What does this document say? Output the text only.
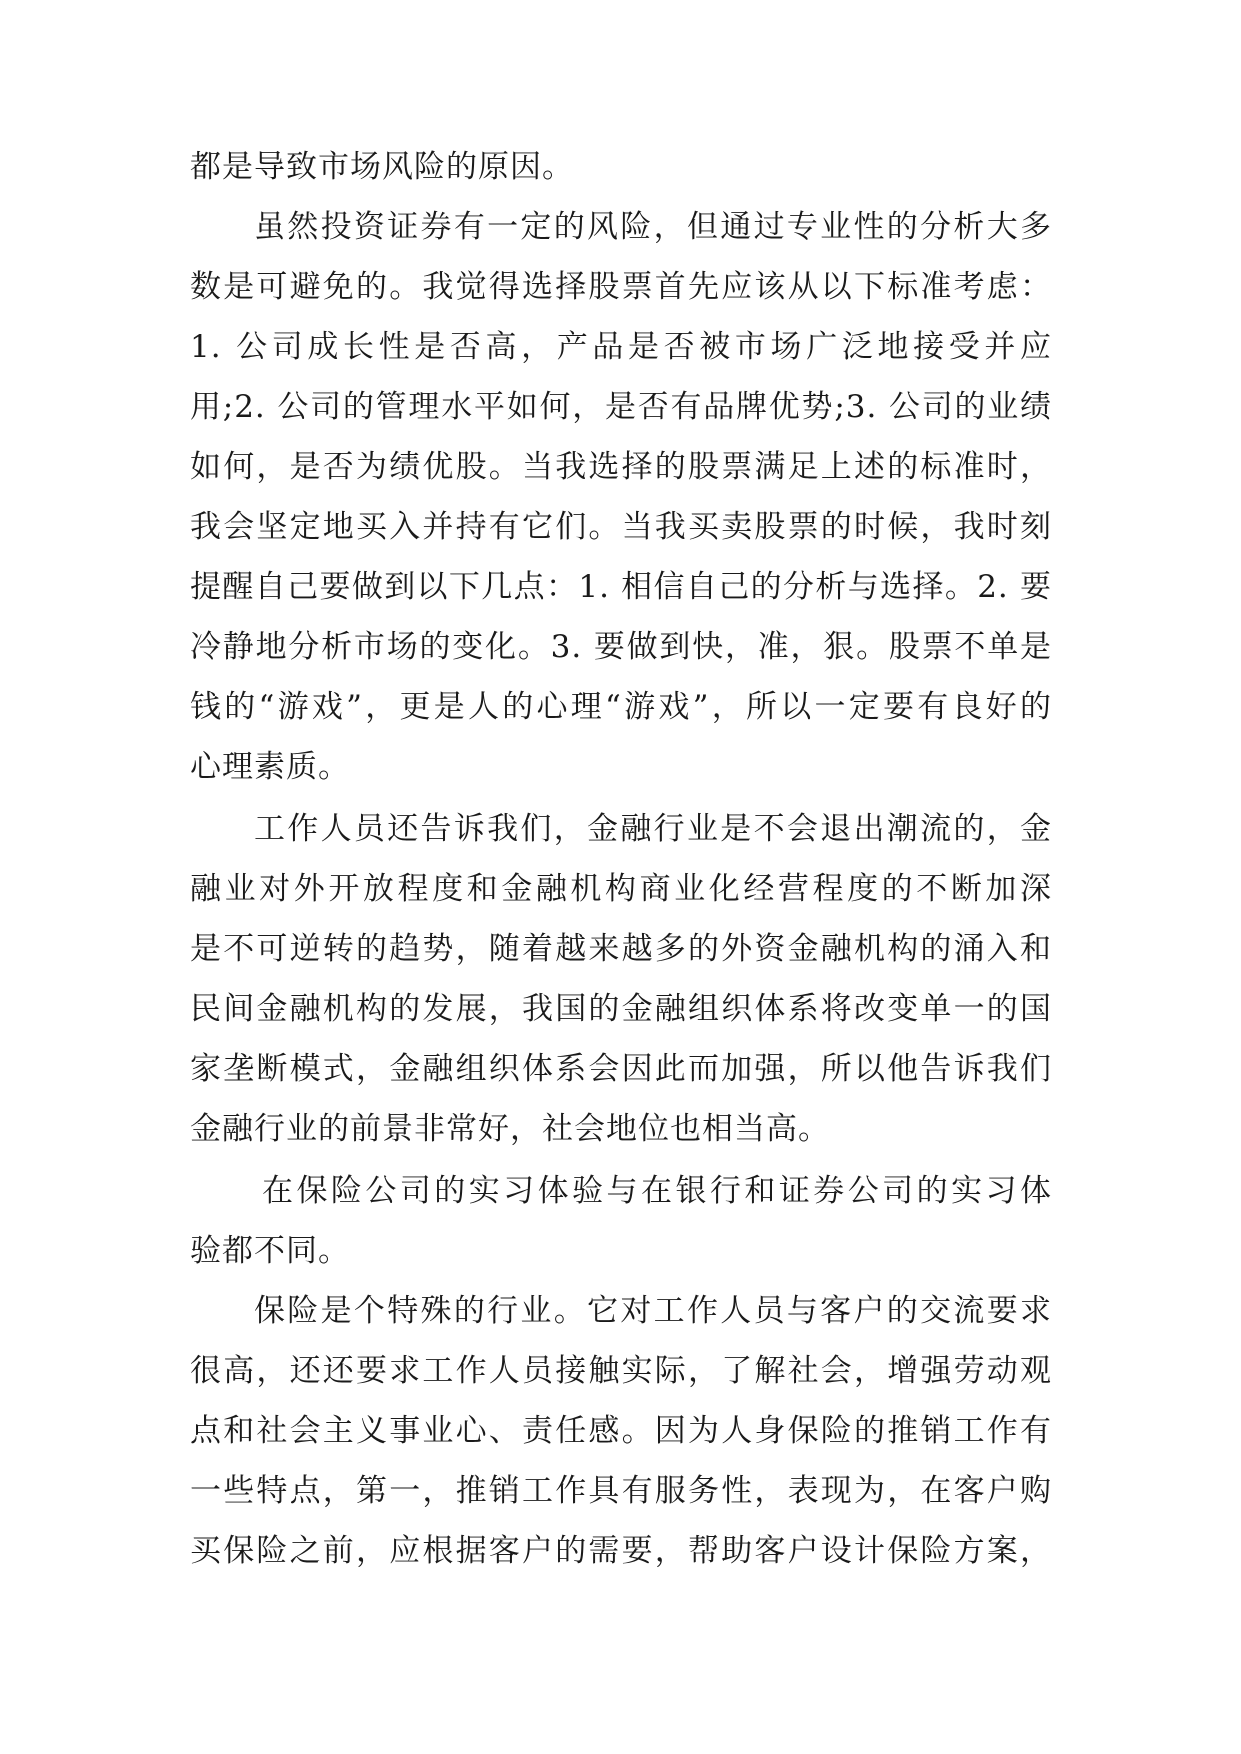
都是导致市场风险的原因。

虽然投资证券有一定的风险，但通过专业性的分析大多

数是可避免的。我觉得选择股票首先应该从以下标准考虑：

1. 公司成长性是否高，产品是否被市场广泛地接受并应

用;2. 公司的管理水平如何，是否有品牌优势;3. 公司的业绩

如何，是否为绩优股。当我选择的股票满足上述的标准时，

我会坚定地买入并持有它们。当我买卖股票的时候，我时刻

提醒自己要做到以下几点：1. 相信自己的分析与选择。2. 要

冷静地分析市场的变化。3. 要做到快，准，狠。股票不单是

钱的“游戏”，更是人的心理“游戏”，所以一定要有良好的

心理素质。

工作人员还告诉我们，金融行业是不会退出潮流的，金

融业对外开放程度和金融机构商业化经营程度的不断加深

是不可逆转的趋势，随着越来越多的外资金融机构的涌入和

民间金融机构的发展，我国的金融组织体系将改变单一的国

家垄断模式，金融组织体系会因此而加强，所以他告诉我们

金融行业的前景非常好，社会地位也相当高。

在保险公司的实习体验与在银行和证券公司的实习体

验都不同。

保险是个特殊的行业。它对工作人员与客户的交流要求

很高，还还要求工作人员接触实际，了解社会，增强劳动观

点和社会主义事业心、责任感。因为人身保险的推销工作有

一些特点，第一，推销工作具有服务性，表现为，在客户购

买保险之前，应根据客户的需要，帮助客户设计保险方案，
